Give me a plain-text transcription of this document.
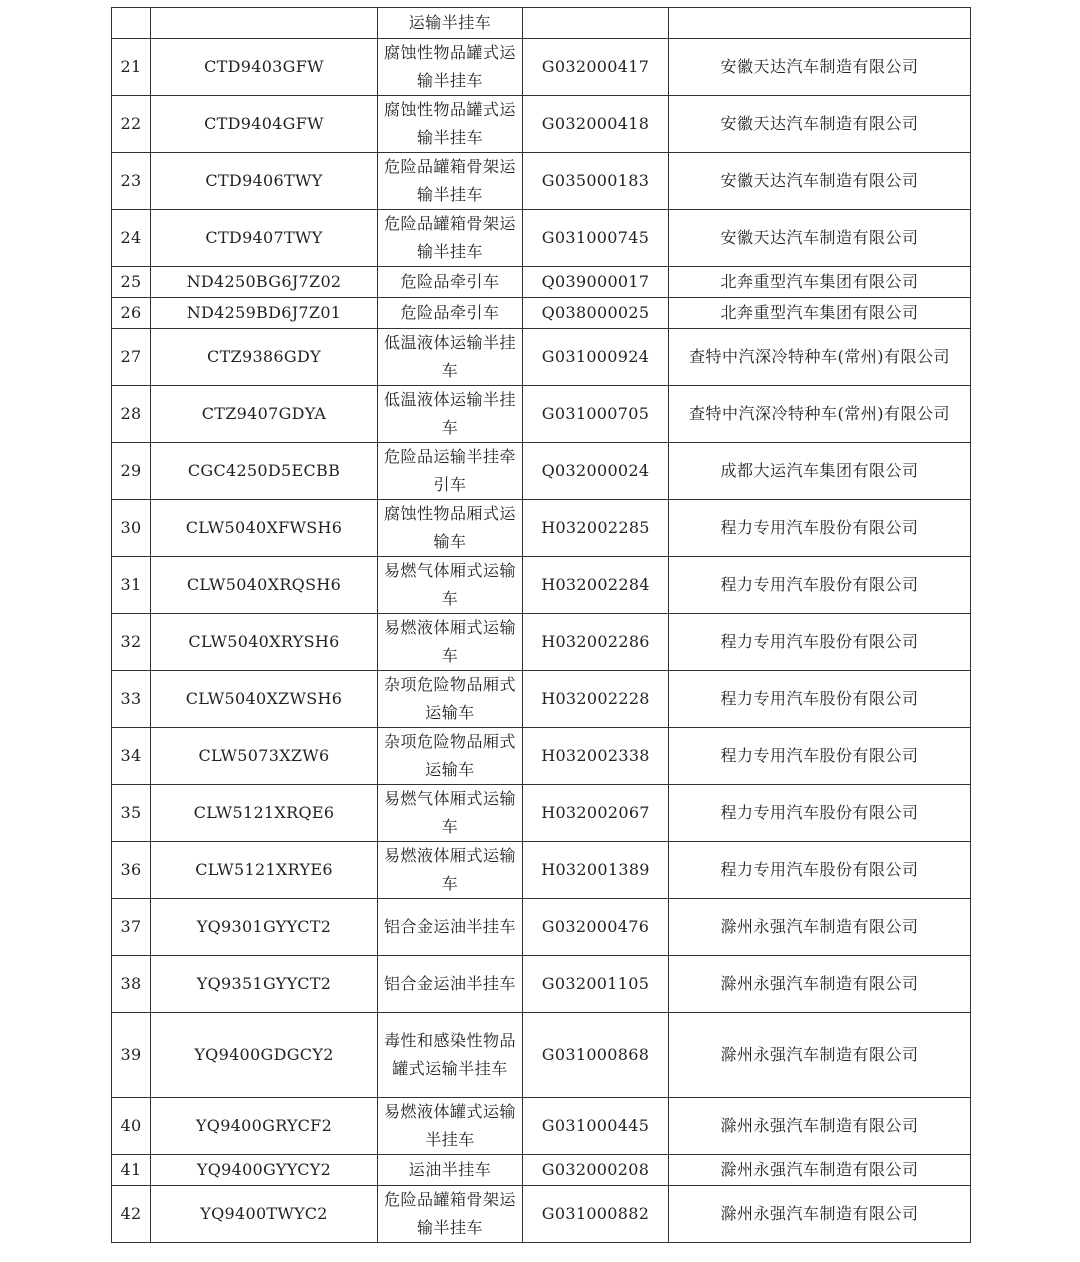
		运输半挂车		
21	CTD9403GFW	腐蚀性物品罐式运输半挂车	G032000417	安徽天达汽车制造有限公司
22	CTD9404GFW	腐蚀性物品罐式运输半挂车	G032000418	安徽天达汽车制造有限公司
23	CTD9406TWY	危险品罐箱骨架运输半挂车	G035000183	安徽天达汽车制造有限公司
24	CTD9407TWY	危险品罐箱骨架运输半挂车	G031000745	安徽天达汽车制造有限公司
25	ND4250BG6J7Z02	危险品牵引车	Q039000017	北奔重型汽车集团有限公司
26	ND4259BD6J7Z01	危险品牵引车	Q038000025	北奔重型汽车集团有限公司
27	CTZ9386GDY	低温液体运输半挂车	G031000924	查特中汽深冷特种车(常州)有限公司
28	CTZ9407GDYA	低温液体运输半挂车	G031000705	查特中汽深冷特种车(常州)有限公司
29	CGC4250D5ECBB	危险品运输半挂牵引车	Q032000024	成都大运汽车集团有限公司
30	CLW5040XFWSH6	腐蚀性物品厢式运输车	H032002285	程力专用汽车股份有限公司
31	CLW5040XRQSH6	易燃气体厢式运输车	H032002284	程力专用汽车股份有限公司
32	CLW5040XRYSH6	易燃液体厢式运输车	H032002286	程力专用汽车股份有限公司
33	CLW5040XZWSH6	杂项危险物品厢式运输车	H032002228	程力专用汽车股份有限公司
34	CLW5073XZW6	杂项危险物品厢式运输车	H032002338	程力专用汽车股份有限公司
35	CLW5121XRQE6	易燃气体厢式运输车	H032002067	程力专用汽车股份有限公司
36	CLW5121XRYE6	易燃液体厢式运输车	H032001389	程力专用汽车股份有限公司
37	YQ9301GYYCT2	铝合金运油半挂车	G032000476	滁州永强汽车制造有限公司
38	YQ9351GYYCT2	铝合金运油半挂车	G032001105	滁州永强汽车制造有限公司
39	YQ9400GDGCY2	毒性和感染性物品罐式运输半挂车	G031000868	滁州永强汽车制造有限公司
40	YQ9400GRYCF2	易燃液体罐式运输半挂车	G031000445	滁州永强汽车制造有限公司
41	YQ9400GYYCY2	运油半挂车	G032000208	滁州永强汽车制造有限公司
42	YQ9400TWYC2	危险品罐箱骨架运输半挂车	G031000882	滁州永强汽车制造有限公司
